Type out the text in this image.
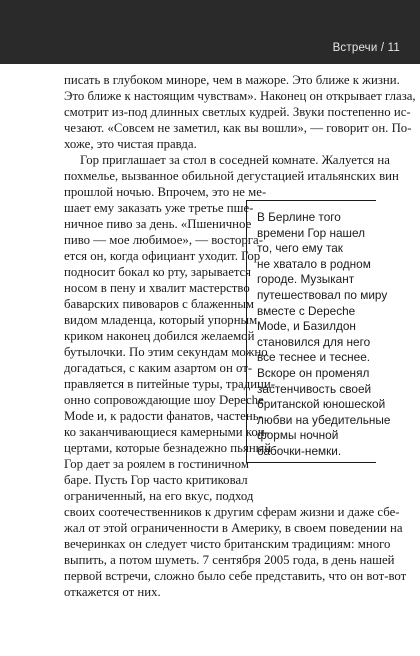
Встречи / 11

писать в глубоком миноре, чем в мажоре. Это ближе к жизни.
Это ближе к настоящим чувствам». Наконец он открывает глаза,
смотрит из-под длинных светлых кудрей. Звуки постепенно ис-
чезают. «Совсем не заметил, как вы вошли», — говорит он. По-
хоже, это чистая правда.

Гор приглашает за стол в соседней комнате. Жалуется на
похмелье, вызванное обильной дегустацией итальянских вин
прошлой ночью. Впрочем, это не ме-
шает ему заказать уже третье пше-
ничное пиво за день. «Пшеничное
пиво — мое любимое», — восторга-
ется он, когда официант уходит. Гор
подносит бокал ко рту, зарываетcя
носом в пену и хвалит мастерство
баварских пивоваров с блаженным
видом младенца, который упорным
криком наконец добился желаемой
бутылочки. По этим секундам можно
догадаться, с каким азартом он от-
правляется в питейные туры, традици-
онно сопровождающие шоу Depeche
Mode и, к радости фанатов, частень-
ко заканчивающиеся камерными кон-
цертами, которые безнадежно пьяный
Гор дает за роялем в гостиничном
баре. Пусть Гор часто критиковал
ограниченный, на его вкус, подход
своих соотечественников к другим сферам жизни и даже сбе-
жал от этой ограниченности в Америку, в своем поведении на
вечеринках он следует чисто британским традициям: много
выпить, а потом шуметь. 7 сентября 2005 года, в день нашей
первой встречи, сложно было себе представить, что он вот-вот
откажется от них.

В Берлине того
времени Гор нашел
то, чего ему так
не хватало в родном
городе. Музыкант
путешествовал по миру
вместе с Depeche
Mode, и Базилдон
становился для него
все теснее и теснее.
Вскоре он променял
застенчивость своей
британской юношеской
любви на убедительные
формы ночной
бабочки-немки.
